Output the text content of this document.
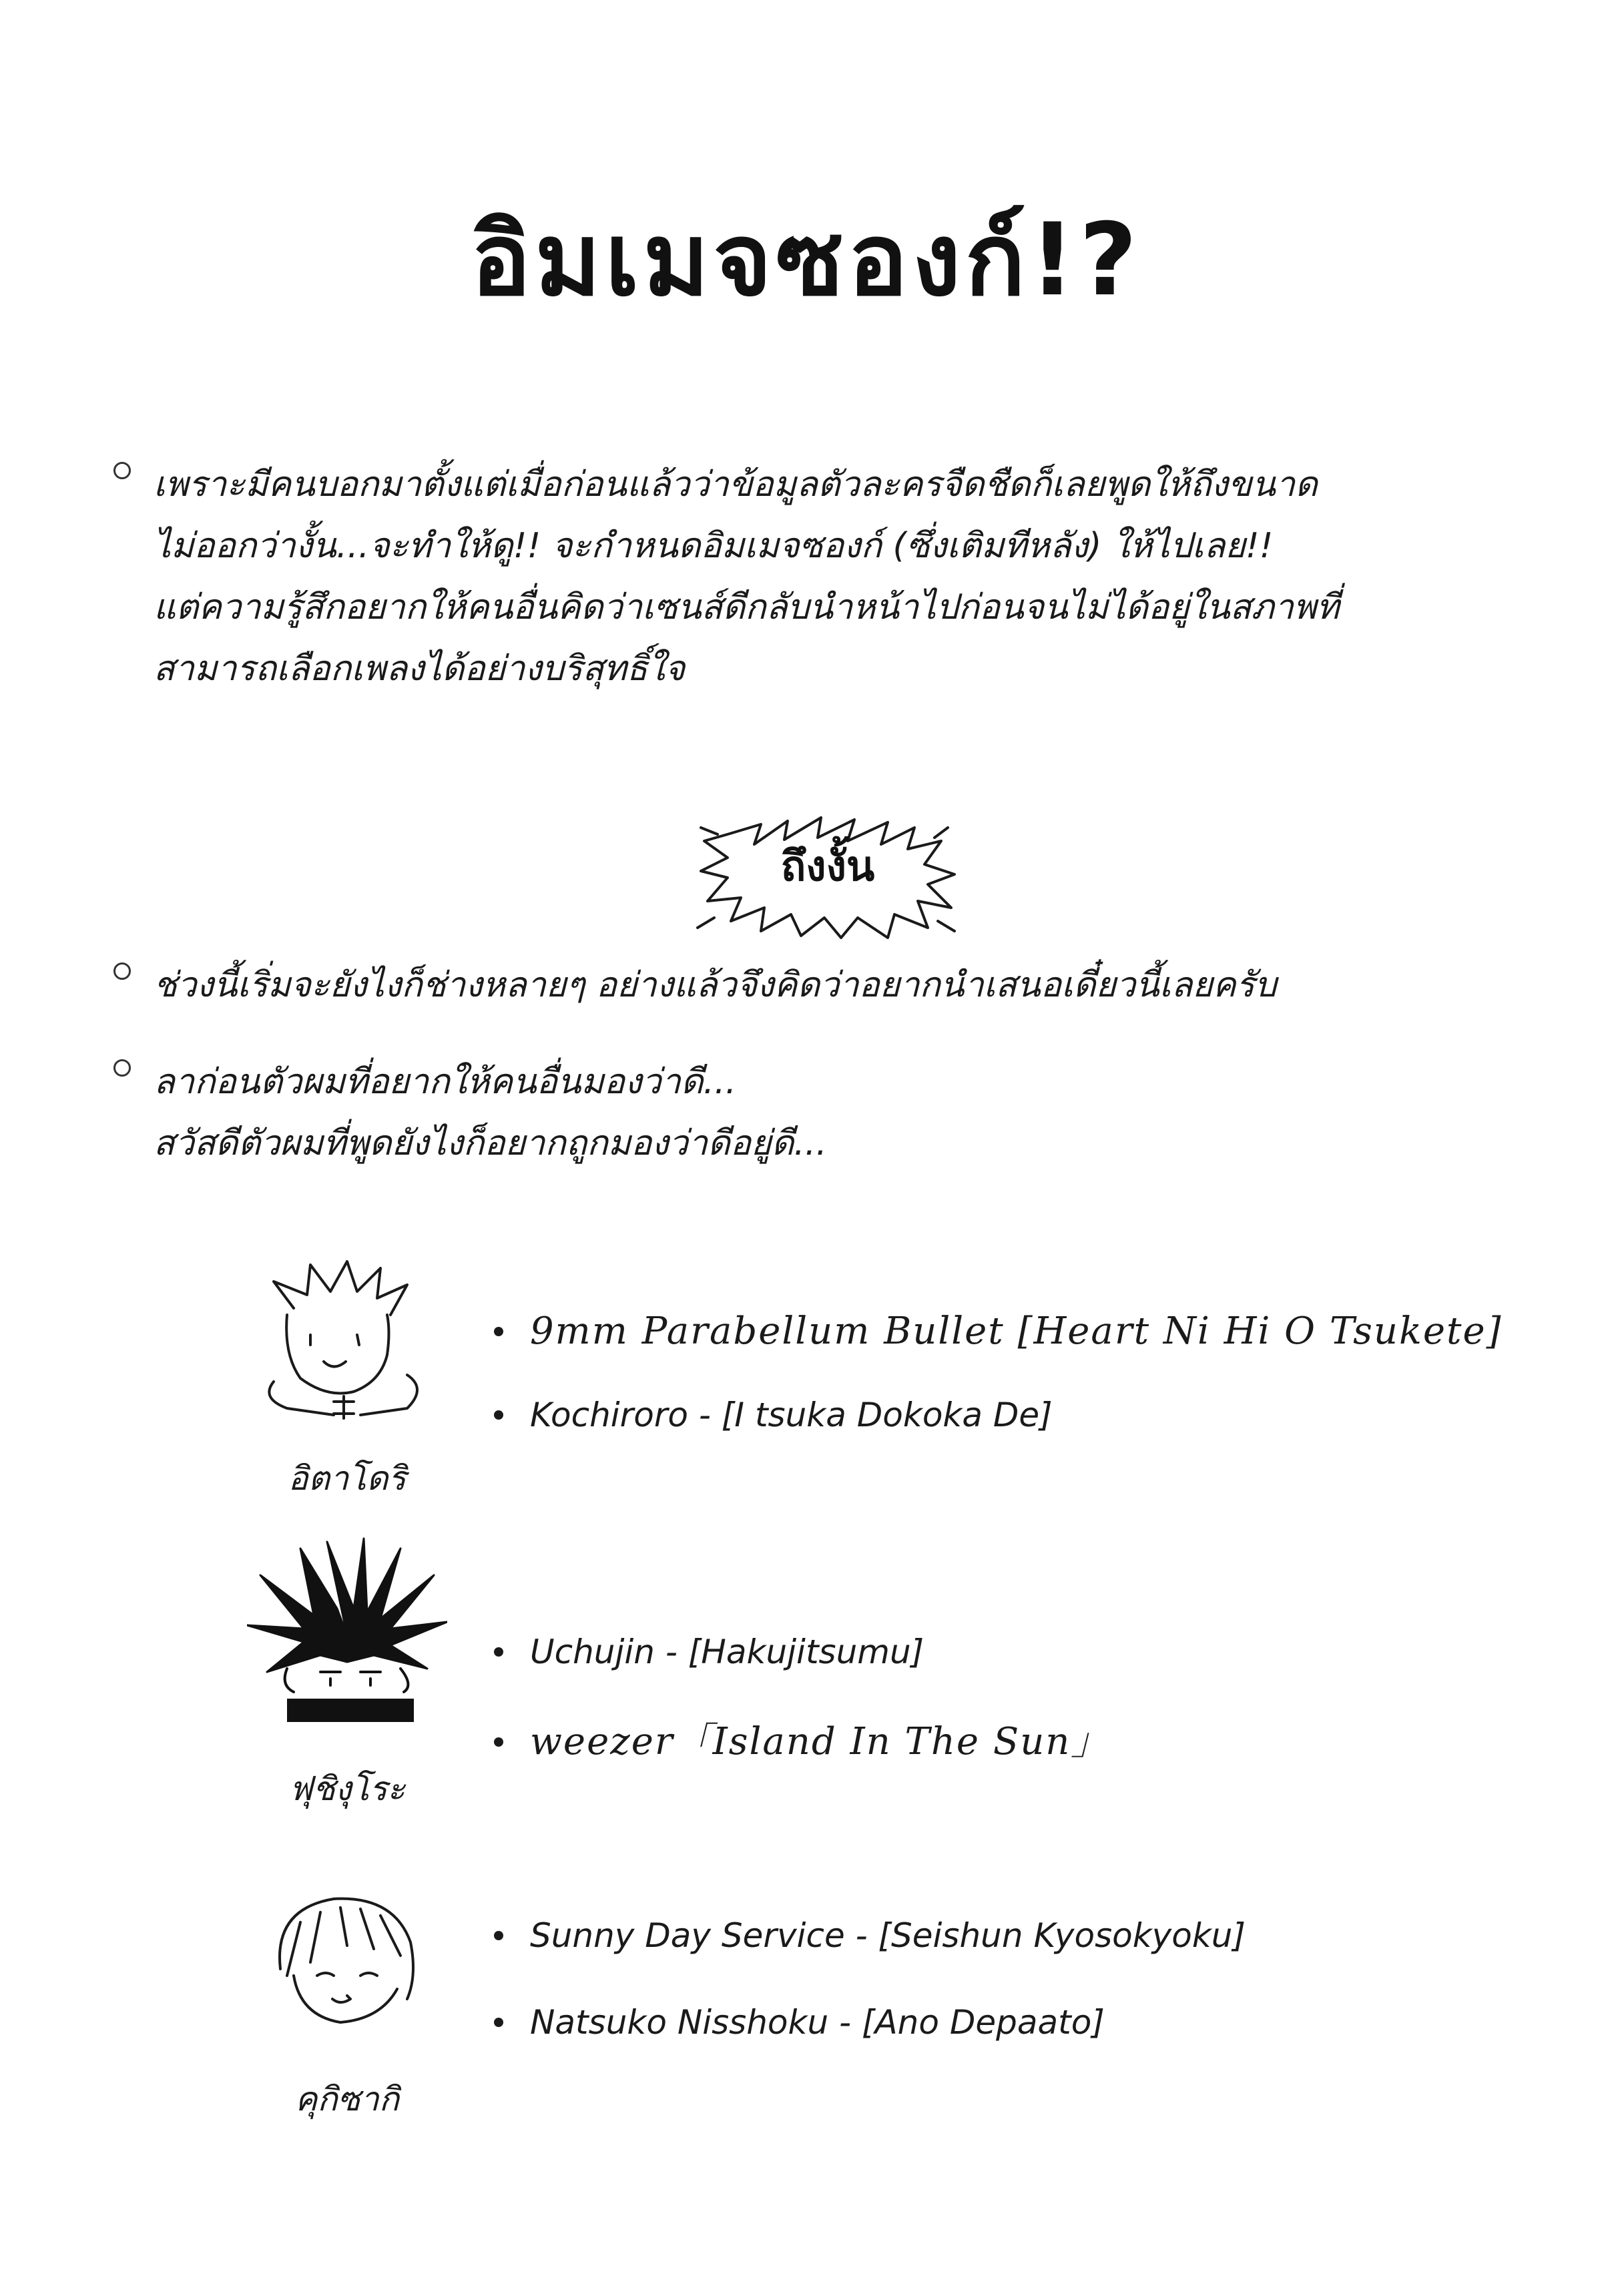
อิมเมจซองก์!?
เพราะมีคนบอกมาตั้งแต่เมื่อก่อนแล้วว่าข้อมูลตัวละครจืดชืดก็เลยพูดให้ถึงขนาด
ไม่ออกว่างั้น...จะทำให้ดู!! จะกำหนดอิมเมจซองก์ (ซึ่งเติมทีหลัง) ให้ไปเลย!!
แต่ความรู้สึกอยากให้คนอื่นคิดว่าเซนส์ดีกลับนำหน้าไปก่อนจนไม่ได้อยู่ในสภาพที่
สามารถเลือกเพลงได้อย่างบริสุทธิ์ใจ
ถึงงั้น
ช่วงนี้เริ่มจะยังไงก็ช่างหลายๆ อย่างแล้วจึงคิดว่าอยากนำเสนอเดี๋ยวนี้เลยครับ
ลาก่อนตัวผมที่อยากให้คนอื่นมองว่าดี...
สวัสดีตัวผมที่พูดยังไงก็อยากถูกมองว่าดีอยู่ดี...
อิตาโดริ
9mm Parabellum Bullet [Heart Ni Hi O Tsukete]
Kochiroro - [I tsuka Dokoka De]
ฟุชิงุโระ
Uchujin - [Hakujitsumu]
weezer「Island In The Sun」
คุกิซากิ
Sunny Day Service - [Seishun Kyosokyoku]
Natsuko Nisshoku - [Ano Depaato]
